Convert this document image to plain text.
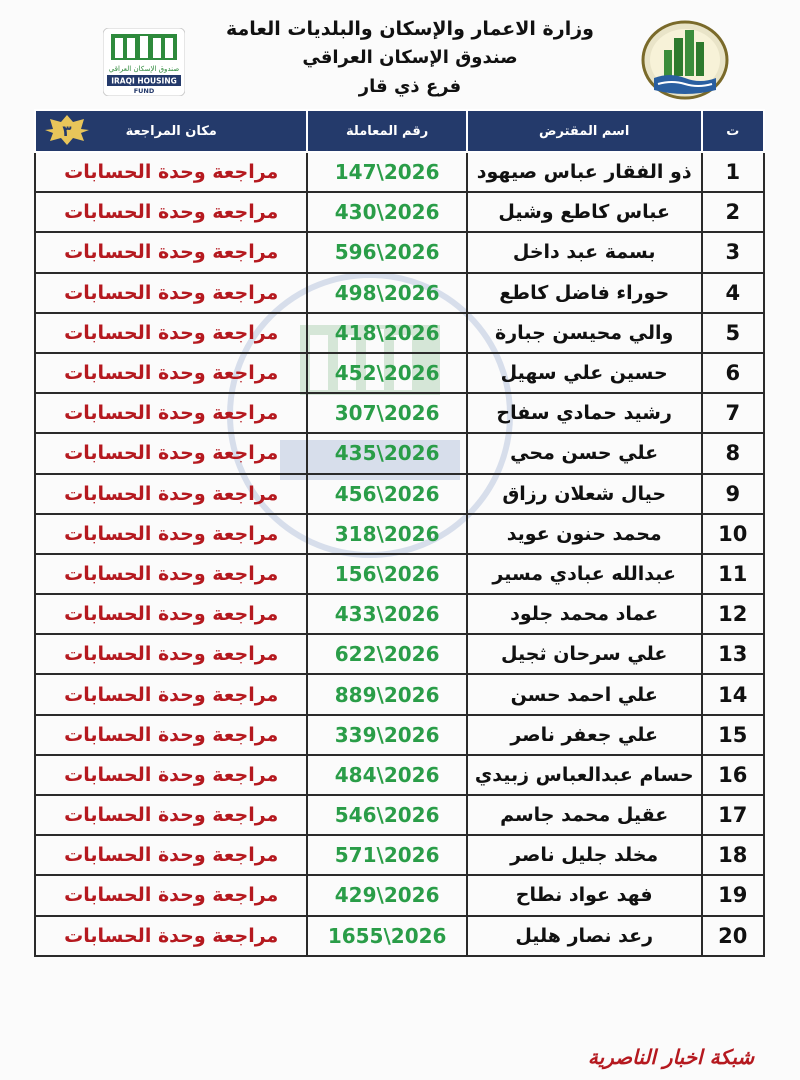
وزارة الاعمار والإسكان والبلديات العامة
صندوق الإسكان العراقي
فرع ذي قار
صندوق الإسكان العراقي
IRAQI HOUSING
FUND
ت	اسم المقترض	رقم المعاملة	مكان المراجعة
٣

1	ذو الفقار عباس صيهود	147\2026	مراجعة وحدة الحسابات
2	عباس كاطع وشيل	430\2026	مراجعة وحدة الحسابات
3	بسمة عبد داخل	596\2026	مراجعة وحدة الحسابات
4	حوراء فاضل كاطع	498\2026	مراجعة وحدة الحسابات
5	والي محيسن جبارة	418\2026	مراجعة وحدة الحسابات
6	حسين علي سهيل	452\2026	مراجعة وحدة الحسابات
7	رشيد حمادي سفاح	307\2026	مراجعة وحدة الحسابات
8	علي حسن محي	435\2026	مراجعة وحدة الحسابات
9	حيال شعلان رزاق	456\2026	مراجعة وحدة الحسابات
10	محمد حنون عويد	318\2026	مراجعة وحدة الحسابات
11	عبدالله عبادي مسير	156\2026	مراجعة وحدة الحسابات
12	عماد محمد جلود	433\2026	مراجعة وحدة الحسابات
13	علي سرحان ثجيل	622\2026	مراجعة وحدة الحسابات
14	علي احمد حسن	889\2026	مراجعة وحدة الحسابات
15	علي جعفر ناصر	339\2026	مراجعة وحدة الحسابات
16	حسام عبدالعباس زبيدي	484\2026	مراجعة وحدة الحسابات
17	عقيل محمد جاسم	546\2026	مراجعة وحدة الحسابات
18	مخلد جليل ناصر	571\2026	مراجعة وحدة الحسابات
19	فهد عواد نطاح	429\2026	مراجعة وحدة الحسابات
20	رعد نصار هليل	1655\2026	مراجعة وحدة الحسابات
شبكة اخبار الناصرية
